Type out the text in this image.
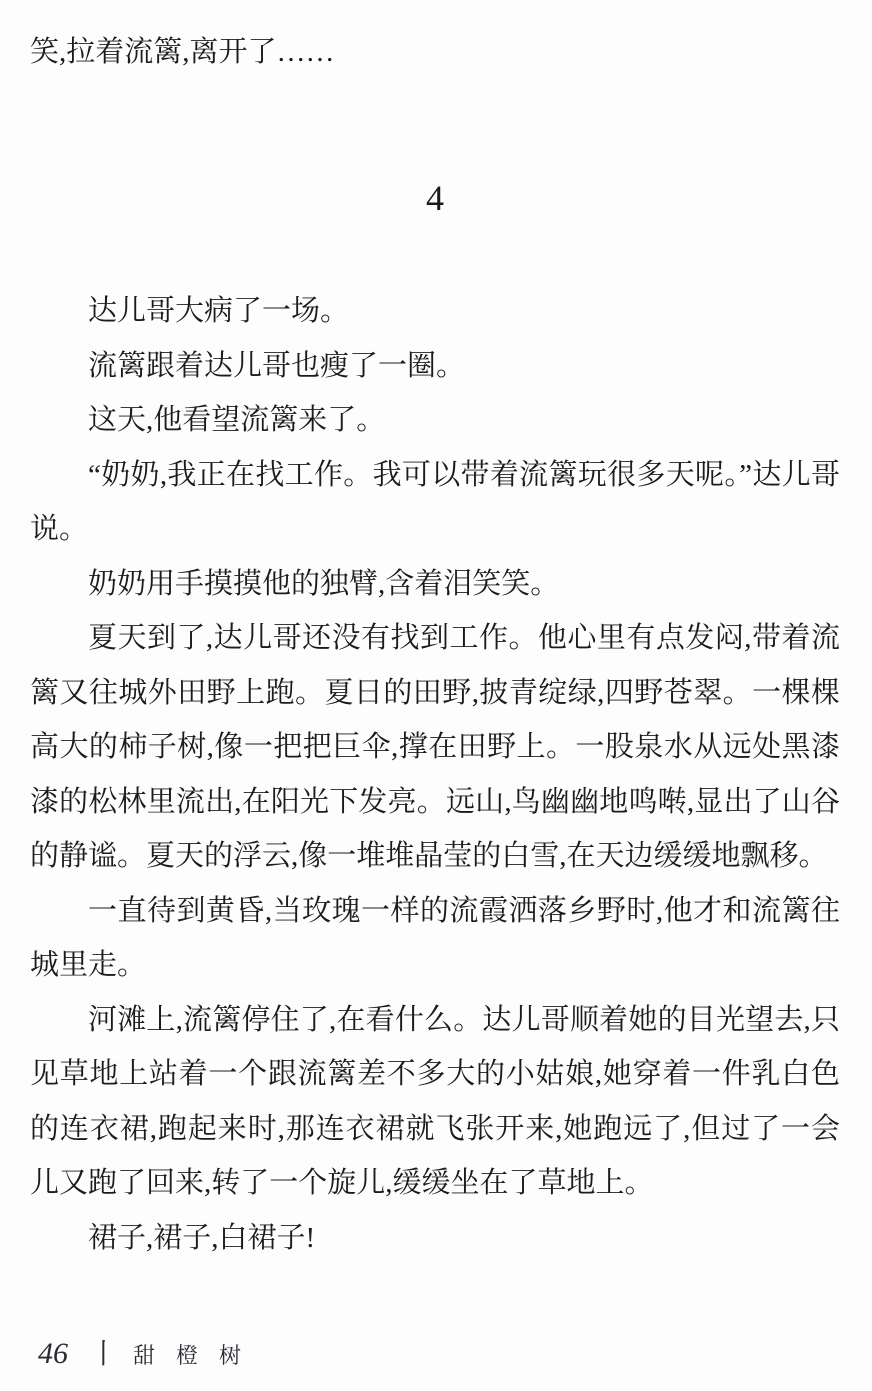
笑,拉着流篱,离开了……

4

达儿哥大病了一场。

流篱跟着达儿哥也瘦了一圈。

这天,他看望流篱来了。

“奶奶,我正在找工作。我可以带着流篱玩很多天呢。”达儿哥说。

奶奶用手摸摸他的独臂,含着泪笑笑。

夏天到了,达儿哥还没有找到工作。他心里有点发闷,带着流篱又往城外田野上跑。夏日的田野,披青绽绿,四野苍翠。一棵棵高大的柿子树,像一把把巨伞,撑在田野上。一股泉水从远处黑漆漆的松林里流出,在阳光下发亮。远山,鸟幽幽地鸣啭,显出了山谷的静谧。夏天的浮云,像一堆堆晶莹的白雪,在天边缓缓地飘移。

一直待到黄昏,当玫瑰一样的流霞洒落乡野时,他才和流篱往城里走。

河滩上,流篱停住了,在看什么。达儿哥顺着她的目光望去,只见草地上站着一个跟流篱差不多大的小姑娘,她穿着一件乳白色的连衣裙,跑起来时,那连衣裙就飞张开来,她跑远了,但过了一会儿又跑了回来,转了一个旋儿,缓缓坐在了草地上。

裙子,裙子,白裙子!

46 丨 甜橙树
